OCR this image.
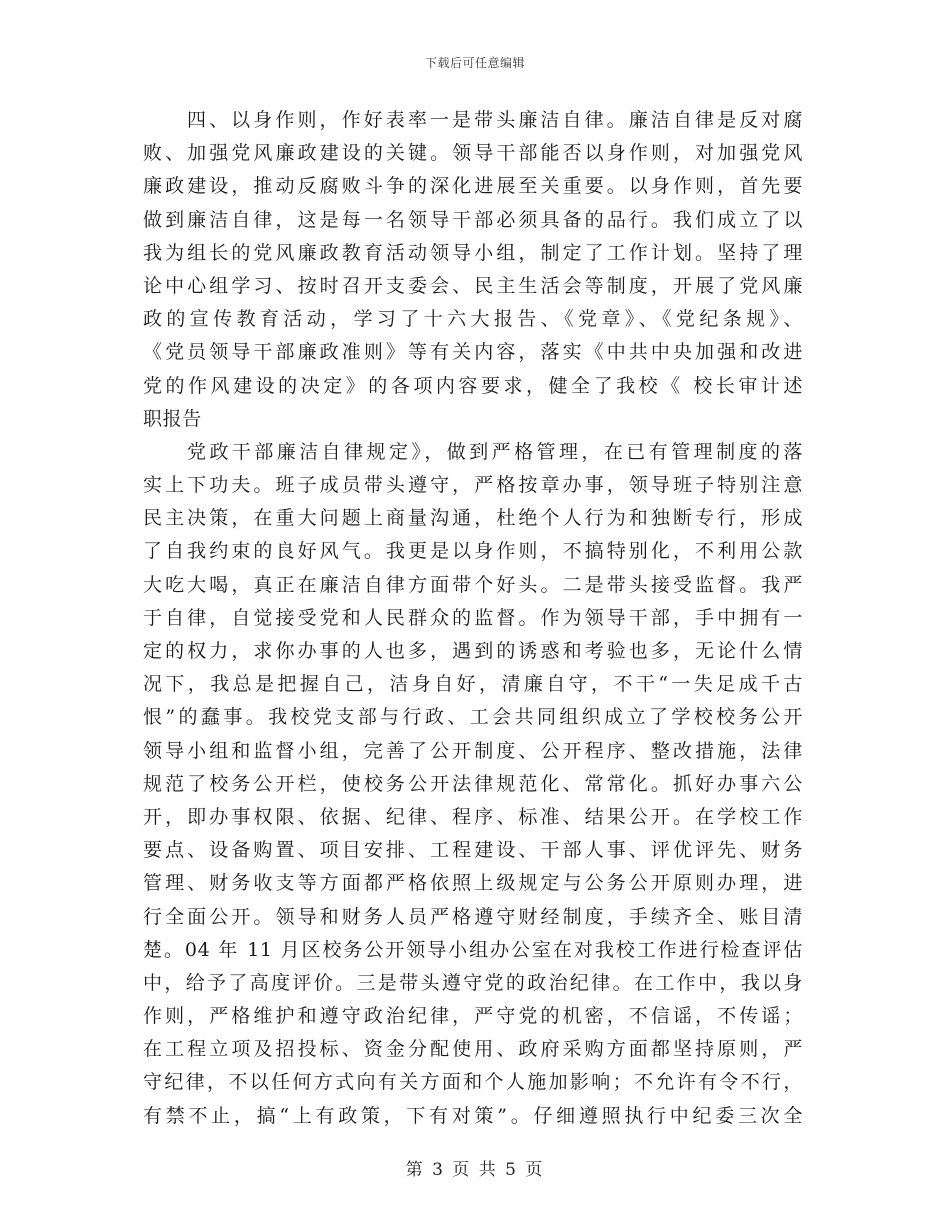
下载后可任意编辑
四、以身作则，作好表率一是带头廉洁自律。廉洁自律是反对腐
败、加强党风廉政建设的关键。领导干部能否以身作则，对加强党风
廉政建设，推动反腐败斗争的深化进展至关重要。以身作则，首先要
做到廉洁自律，这是每一名领导干部必须具备的品行。我们成立了以
我为组长的党风廉政教育活动领导小组，制定了工作计划。坚持了理
论中心组学习、按时召开支委会、民主生活会等制度，开展了党风廉
政的宣传教育活动，学习了十六大报告、《党章》、《党纪条规》、
《党员领导干部廉政准则》等有关内容，落实《中共中央加强和改进
党的作风建设的决定》的各项内容要求，健全了我校《 校长审计述
职报告
党政干部廉洁自律规定》，做到严格管理，在已有管理制度的落
实上下功夫。班子成员带头遵守，严格按章办事，领导班子特别注意
民主决策，在重大问题上商量沟通，杜绝个人行为和独断专行，形成
了自我约束的良好风气。我更是以身作则，不搞特别化，不利用公款
大吃大喝，真正在廉洁自律方面带个好头。二是带头接受监督。我严
于自律，自觉接受党和人民群众的监督。作为领导干部，手中拥有一
定的权力，求你办事的人也多，遇到的诱惑和考验也多，无论什么情
况下，我总是把握自己，洁身自好，清廉自守，不干“一失足成千古
恨”的蠢事。我校党支部与行政、工会共同组织成立了学校校务公开
领导小组和监督小组，完善了公开制度、公开程序、整改措施，法律
规范了校务公开栏，使校务公开法律规范化、常常化。抓好办事六公
开，即办事权限、依据、纪律、程序、标准、结果公开。在学校工作
要点、设备购置、项目安排、工程建设、干部人事、评优评先、财务
管理、财务收支等方面都严格依照上级规定与公务公开原则办理，进
行全面公开。领导和财务人员严格遵守财经制度，手续齐全、账目清
楚。04 年 11 月区校务公开领导小组办公室在对我校工作进行检查评估
中，给予了高度评价。三是带头遵守党的政治纪律。在工作中，我以身
作则，严格维护和遵守政治纪律，严守党的机密，不信谣，不传谣；
在工程立项及招投标、资金分配使用、政府采购方面都坚持原则，严
守纪律，不以任何方式向有关方面和个人施加影响；不允许有令不行，
有禁不止，搞“上有政策，下有对策”。仔细遵照执行中纪委三次全
第 3 页 共 5 页
